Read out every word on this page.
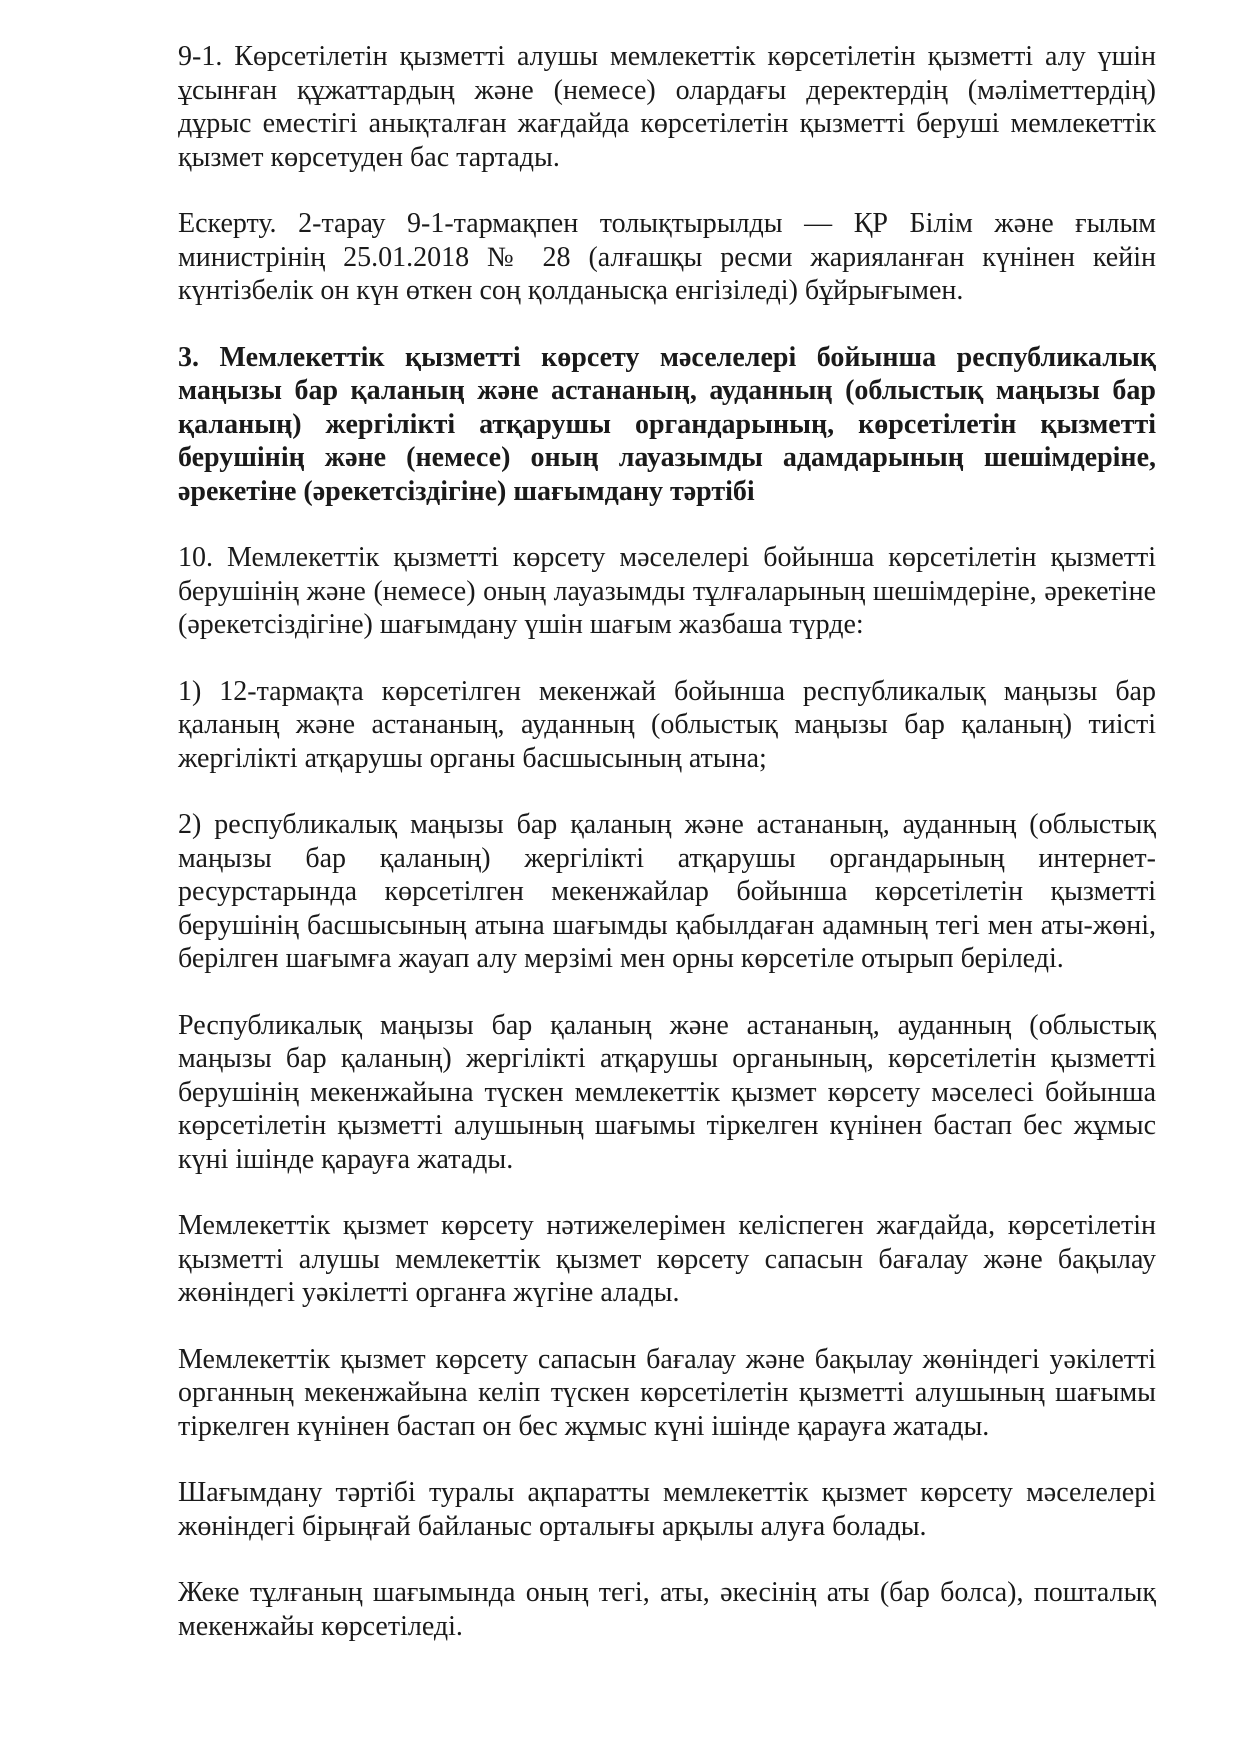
9-1. Көрсетілетін қызметті алушы мемлекеттік көрсетілетін қызметті алу үшін ұсынған құжаттардың және (немесе) олардағы деректердің (мәліметтердің) дұрыс еместігі анықталған жағдайда көрсетілетін қызметті беруші мемлекеттік қызмет көрсетуден бас тартады.

Ескерту. 2-тарау 9-1-тармақпен толықтырылды — ҚР Білім және ғылым министрінің 25.01.2018 № 28 (алғашқы ресми жарияланған күнінен кейін күнтізбелік он күн өткен соң қолданысқа енгізіледі) бұйрығымен.

3. Мемлекеттік қызметті көрсету мәселелері бойынша республикалық маңызы бар қаланың және астананың, ауданның (облыстық маңызы бар қаланың) жергілікті атқарушы органдарының, көрсетілетін қызметті берушінің және (немесе) оның лауазымды адамдарының шешімдеріне, әрекетіне (әрекетсіздігіне) шағымдану тәртібі

10. Мемлекеттік қызметті көрсету мәселелері бойынша көрсетілетін қызметті берушінің және (немесе) оның лауазымды тұлғаларының шешімдеріне, әрекетіне (әрекетсіздігіне) шағымдану үшін шағым жазбаша түрде:

1) 12-тармақта көрсетілген мекенжай бойынша республикалық маңызы бар қаланың және астананың, ауданның (облыстық маңызы бар қаланың) тиісті жергілікті атқарушы органы басшысының атына;

2) республикалық маңызы бар қаланың және астананың, ауданның (облыстық маңызы бар қаланың) жергілікті атқарушы органдарының интернет-ресурстарында көрсетілген мекенжайлар бойынша көрсетілетін қызметті берушінің басшысының атына шағымды қабылдаған адамның тегі мен аты-жөні, берілген шағымға жауап алу мерзімі мен орны көрсетіле отырып беріледі.

Республикалық маңызы бар қаланың және астананың, ауданның (облыстық маңызы бар қаланың) жергілікті атқарушы органының, көрсетілетін қызметті берушінің мекенжайына түскен мемлекеттік қызмет көрсету мәселесі бойынша көрсетілетін қызметті алушының шағымы тіркелген күнінен бастап бес жұмыс күні ішінде қарауға жатады.

Мемлекеттік қызмет көрсету нәтижелерімен келіспеген жағдайда, көрсетілетін қызметті алушы мемлекеттік қызмет көрсету сапасын бағалау және бақылау жөніндегі уәкілетті органға жүгіне алады.

Мемлекеттік қызмет көрсету сапасын бағалау және бақылау жөніндегі уәкілетті органның мекенжайына келіп түскен көрсетілетін қызметті алушының шағымы тіркелген күнінен бастап он бес жұмыс күні ішінде қарауға жатады.

Шағымдану тәртібі туралы ақпаратты мемлекеттік қызмет көрсету мәселелері жөніндегі бірыңғай байланыс орталығы арқылы алуға болады.

Жеке тұлғаның шағымында оның тегі, аты, әкесінің аты (бар болса), пошталық мекенжайы көрсетіледі.
